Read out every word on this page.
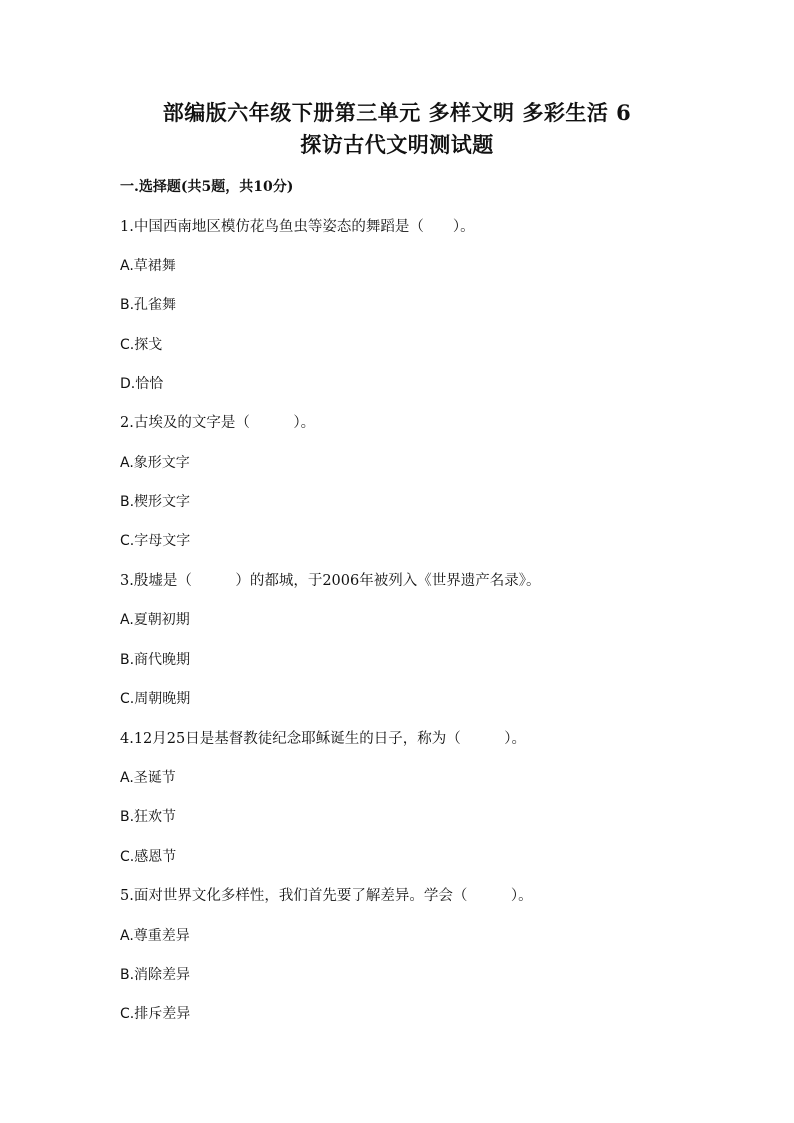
部编版六年级下册第三单元 多样文明 多彩生活 6
探访古代文明测试题
一.选择题(共5题，共10分)
1.中国西南地区模仿花鸟鱼虫等姿态的舞蹈是（　　）。
A.草裙舞
B.孔雀舞
C.探戈
D.恰恰
2.古埃及的文字是（　　　）。
A.象形文字
B.楔形文字
C.字母文字
3.殷墟是（　　　）的都城，于2006年被列入《世界遗产名录》。
A.夏朝初期
B.商代晚期
C.周朝晚期
4.12月25日是基督教徒纪念耶稣诞生的日子，称为（　　　）。
A.圣诞节
B.狂欢节
C.感恩节
5.面对世界文化多样性，我们首先要了解差异。学会（　　　）。
A.尊重差异
B.消除差异
C.排斥差异
